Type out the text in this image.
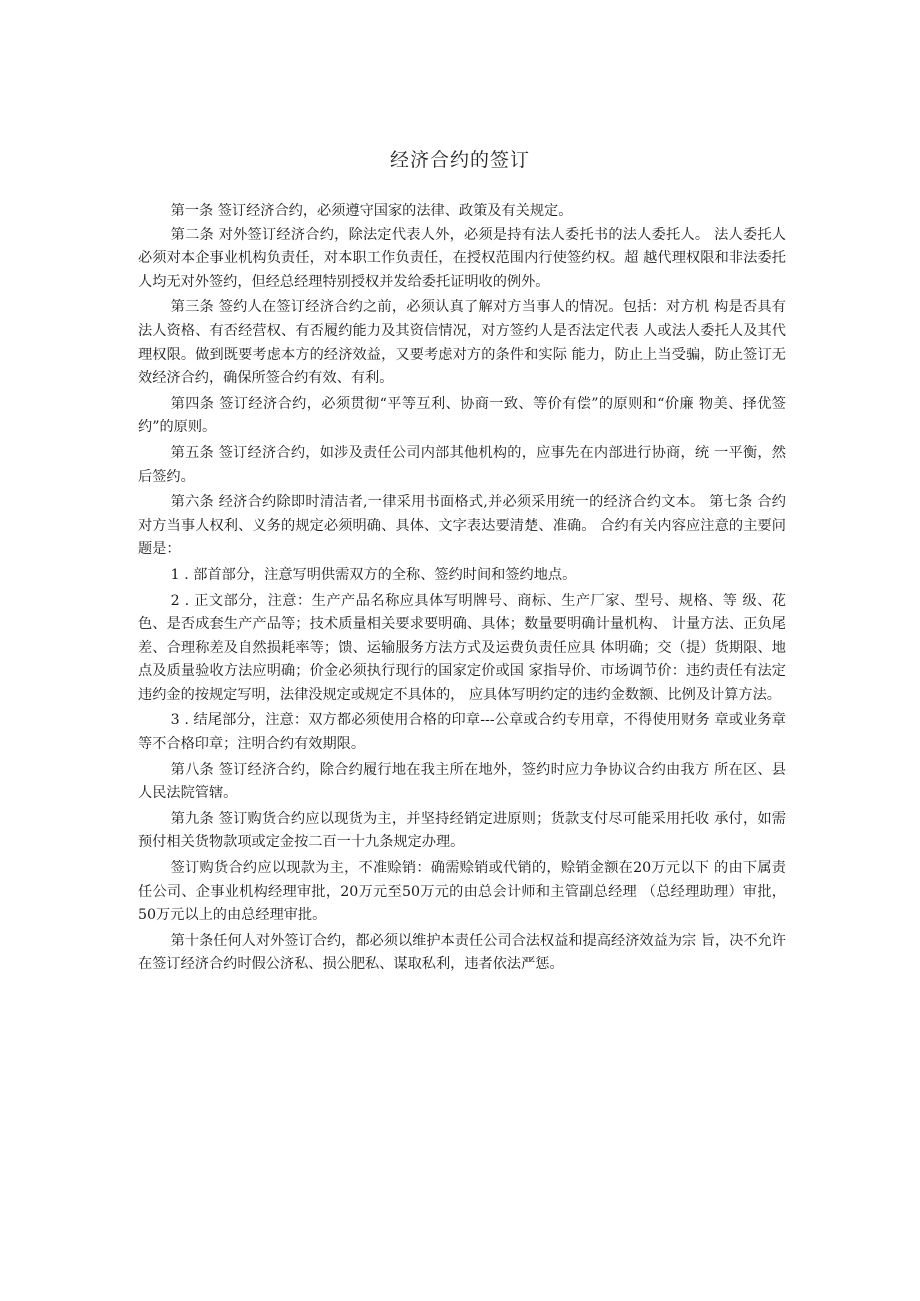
经济合约的签订

第一条 签订经济合约，必须遵守国家的法律、政策及有关规定。

第二条 对外签订经济合约，除法定代表人外，必须是持有法人委托书的法人委托人。 法人委托人必须对本企事业机构负责任，对本职工作负责任，在授权范围内行使签约权。超 越代理权限和非法委托人均无对外签约，但经总经理特别授权并发给委托证明收的例外。

第三条 签约人在签订经济合约之前，必须认真了解对方当事人的情况。包括：对方机 构是否具有法人资格、有否经营权、有否履约能力及其资信情况，对方签约人是否法定代表 人或法人委托人及其代理权限。做到既要考虑本方的经济效益，又要考虑对方的条件和实际 能力，防止上当受骗，防止签订无效经济合约，确保所签合约有效、有利。

第四条 签订经济合约，必须贯彻“平等互利、协商一致、等价有偿”的原则和“价廉 物美、择优签约”的原则。

第五条 签订经济合约，如涉及责任公司内部其他机构的，应事先在内部进行协商，统 一平衡，然后签约。

第六条 经济合约除即时清洁者,一律采用书面格式,并必须采用统一的经济合约文本。 第七条 合约对方当事人权利、义务的规定必须明确、具体、文字表达要清楚、准确。 合约有关内容应注意的主要问题是：

1 . 部首部分，注意写明供需双方的全称、签约时间和签约地点。

2 . 正文部分，注意：生产产品名称应具体写明牌号、商标、生产厂家、型号、规格、等 级、花色、是否成套生产产品等；技术质量相关要求要明确、具体；数量要明确计量机构、 计量方法、正负尾差、合理称差及自然损耗率等；馈、运输服务方法方式及运费负责任应具 体明确；交（提）货期限、地点及质量验收方法应明确；价金必须执行现行的国家定价或国 家指导价、市场调节价：违约责任有法定违约金的按规定写明，法律没规定或规定不具体的， 应具体写明约定的违约金数额、比例及计算方法。

3 . 结尾部分，注意：双方都必须使用合格的印章---公章或合约专用章，不得使用财务 章或业务章等不合格印章；注明合约有效期限。

第八条 签订经济合约，除合约履行地在我主所在地外，签约时应力争协议合约由我方 所在区、县人民法院管辖。

第九条 签订购货合约应以现货为主，并坚持经销定进原则；货款支付尽可能采用托收 承付，如需预付相关货物款项或定金按二百一十九条规定办理。

签订购货合约应以现款为主，不准赊销：确需赊销或代销的，赊销金额在20万元以下 的由下属责任公司、企事业机构经理审批，20万元至50万元的由总会计师和主管副总经理 （总经理助理）审批，50万元以上的由总经理审批。

第十条任何人对外签订合约，都必须以维护本责任公司合法权益和提高经济效益为宗 旨，决不允许在签订经济合约时假公济私、损公肥私、谋取私利，违者依法严惩。
